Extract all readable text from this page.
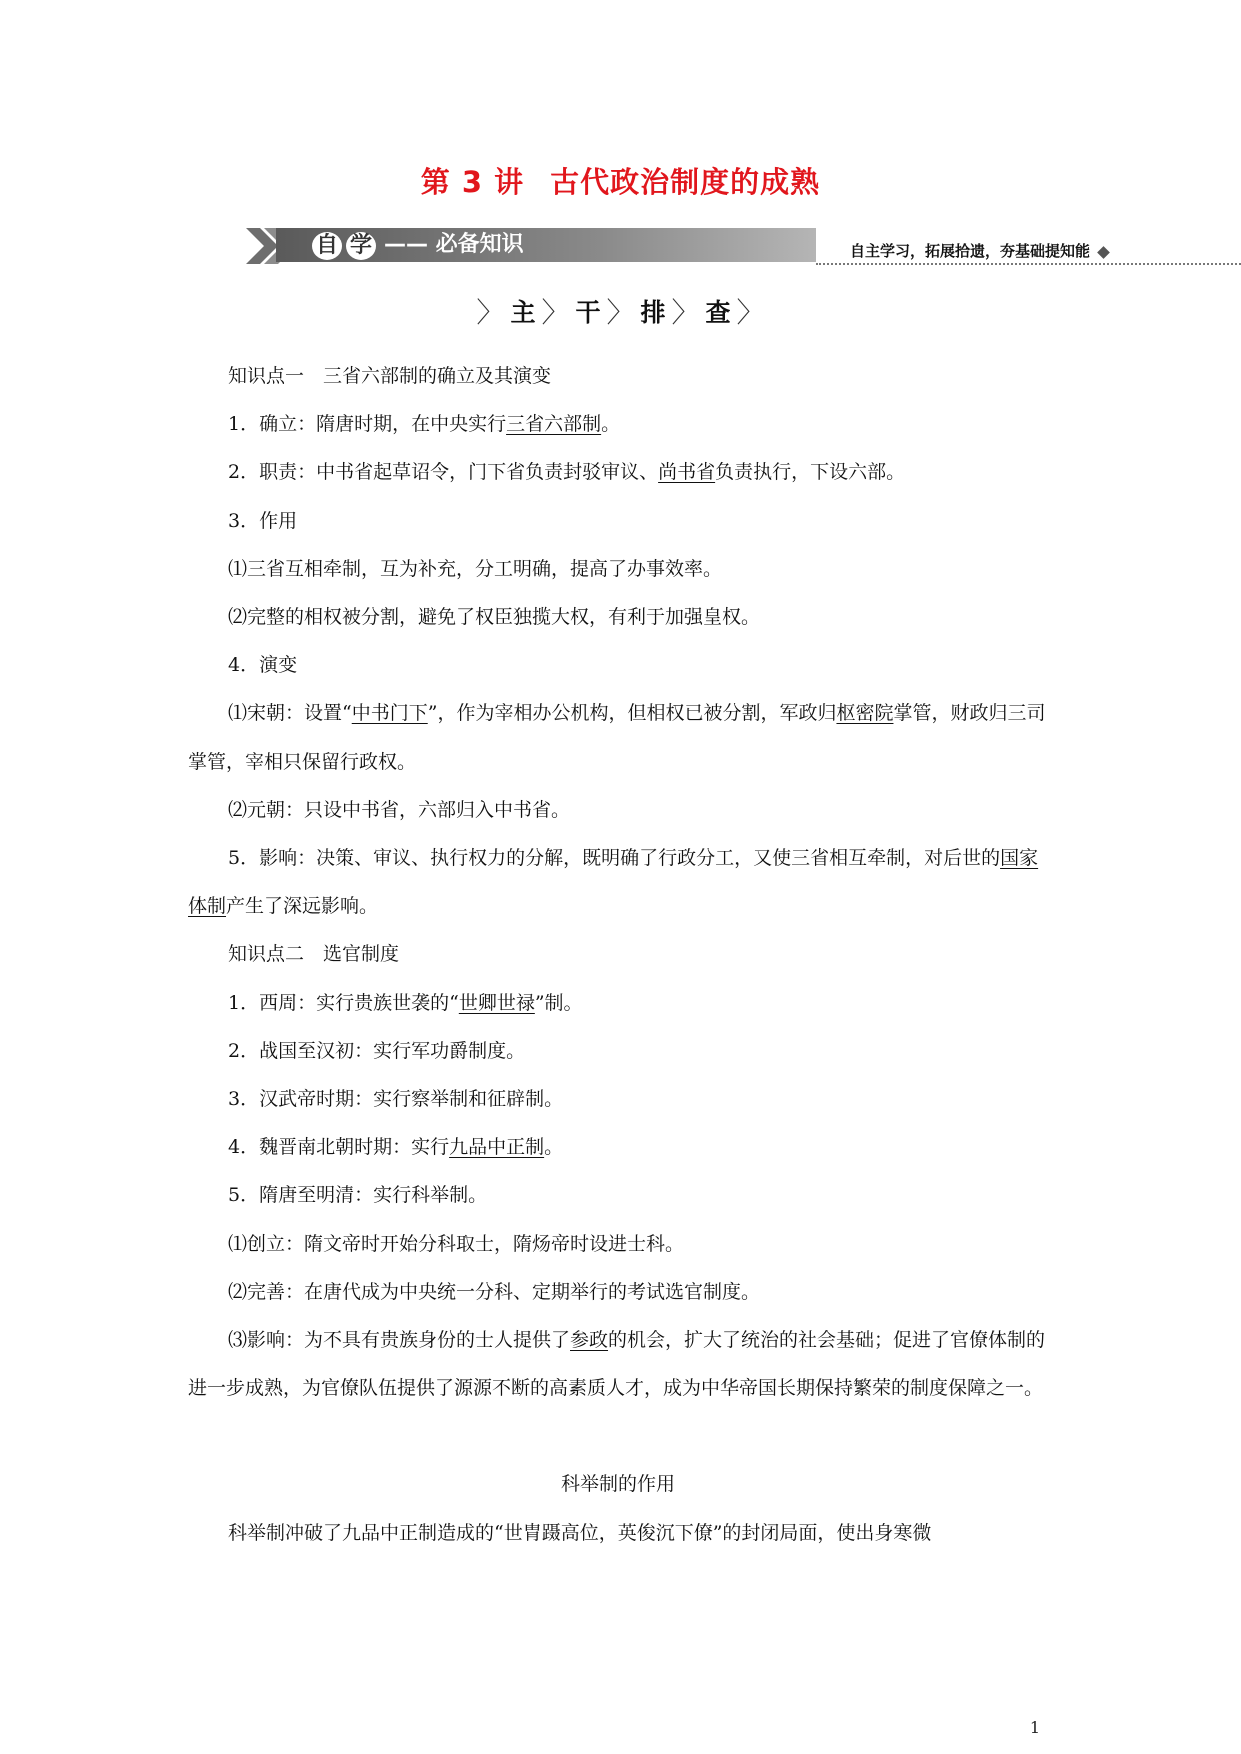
第 3 讲 古代政治制度的成熟
自 学 —— 必备知识	自主学习，拓展拾遗，夯基础提知能
〉 主 〉 干 〉 排 〉 查 〉

知识点一　三省六部制的确立及其演变

1．确立：隋唐时期，在中央实行三省六部制。

2．职责：中书省起草诏令，门下省负责封驳审议、尚书省负责执行，下设六部。

3．作用

⑴三省互相牵制，互为补充，分工明确，提高了办事效率。

⑵完整的相权被分割，避免了权臣独揽大权，有利于加强皇权。

4．演变

⑴宋朝：设置“中书门下”，作为宰相办公机构，但相权已被分割，军政归枢密院掌管，财政归三司掌管，宰相只保留行政权。

⑵元朝：只设中书省，六部归入中书省。

5．影响：决策、审议、执行权力的分解，既明确了行政分工，又使三省相互牵制，对后世的国家体制产生了深远影响。

知识点二　选官制度

1．西周：实行贵族世袭的“世卿世禄”制。

2．战国至汉初：实行军功爵制度。

3．汉武帝时期：实行察举制和征辟制。

4．魏晋南北朝时期：实行九品中正制。

5．隋唐至明清：实行科举制。

⑴创立：隋文帝时开始分科取士，隋炀帝时设进士科。

⑵完善：在唐代成为中央统一分科、定期举行的考试选官制度。

⑶影响：为不具有贵族身份的士人提供了参政的机会，扩大了统治的社会基础；促进了官僚体制的进一步成熟，为官僚队伍提供了源源不断的高素质人才，成为中华帝国长期保持繁荣的制度保障之一。

科举制的作用

科举制冲破了九品中正制造成的“世胄蹑高位，英俊沉下僚”的封闭局面，使出身寒微

1
